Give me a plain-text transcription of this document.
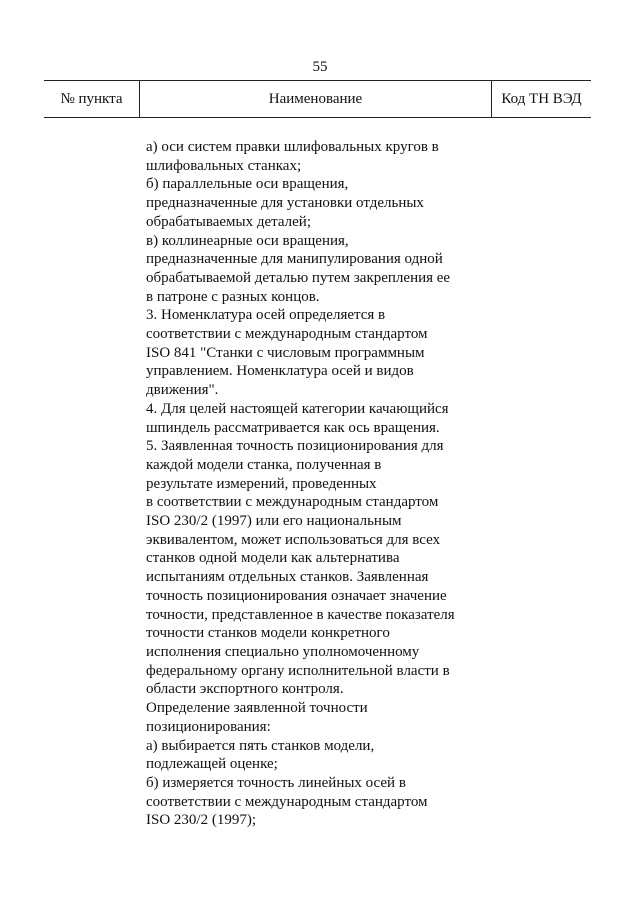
55
№ пункта	Наименование	Код ТН ВЭД
а) оси систем правки шлифовальных кругов в
шлифовальных станках;
б) параллельные оси вращения,
предназначенные для установки отдельных
обрабатываемых деталей;
в) коллинеарные оси вращения,
предназначенные для манипулирования одной
обрабатываемой деталью путем закрепления ее
в патроне с разных концов.
3. Номенклатура осей определяется в
соответствии с международным стандартом
ISO 841 "Станки с числовым программным
управлением. Номенклатура осей и видов
движения".
4. Для целей настоящей категории качающийся
шпиндель рассматривается как ось вращения.
5. Заявленная точность позиционирования для
каждой модели станка, полученная в
результате измерений, проведенных
в соответствии с международным стандартом
ISO 230/2 (1997) или его национальным
эквивалентом, может использоваться для всех
станков одной модели как альтернатива
испытаниям отдельных станков. Заявленная
точность позиционирования означает значение
точности, представленное в качестве показателя
точности станков модели конкретного
исполнения специально уполномоченному
федеральному органу исполнительной власти в
области экспортного контроля.
Определение заявленной точности
позиционирования:
а) выбирается пять станков модели,
подлежащей оценке;
б) измеряется точность линейных осей в
соответствии с международным стандартом
ISO 230/2 (1997);
